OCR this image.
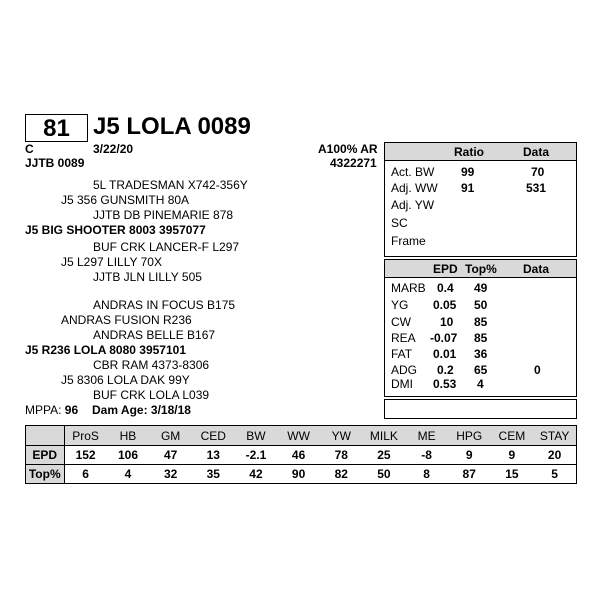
81 J5 LOLA 0089
C	3/22/20
JJTB 0089
A100% AR
4322271
5L TRADESMAN X742-356Y
J5 356 GUNSMITH 80A
JJTB DB PINEMARIE 878
J5 BIG SHOOTER 8003 3957077
BUF CRK LANCER-F L297
J5 L297 LILLY 70X
JJTB JLN LILLY 505
ANDRAS IN FOCUS B175
ANDRAS FUSION R236
ANDRAS BELLE B167
J5 R236 LOLA 8080 3957101
CBR RAM 4373-8306
J5 8306 LOLA DAK 99Y
BUF CRK LOLA L039
MPPA: 96 Dam Age: 3/18/18
Ratio	Data
Act. BW 99	70
Adj. WW 91	531
Adj. YW
SC
Frame
EPD Top% Data
MARB 0.4 49
YG 0.05 50
CW 10 85
REA -0.07 85
FAT 0.01 36
ADG 0.2 65	0
DMI 0.53 4
	ProS	HB	GM	CED	BW	WW	YW	MILK	ME	HPG	CEM	STAY
EPD	152	106	47	13	-2.1	46	78	25	-8	9	9	20
Top%	6	4	32	35	42	90	82	50	8	87	15	5
